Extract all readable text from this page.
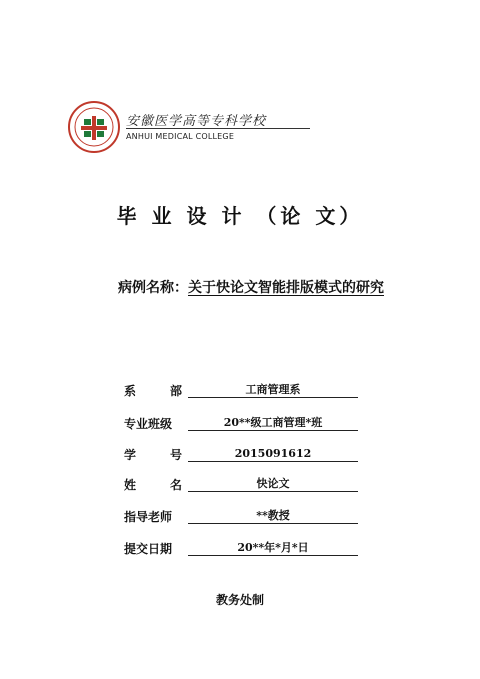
安徽医学高等专科学校
ANHUI MEDICAL COLLEGE
毕 业 设 计 （论 文）
病例名称：关于快论文智能排版模式的研究
系	部	工商管理系
专业班级	20**级工商管理*班
学	号	2015091612
姓	名	快论文
指导老师	**教授
提交日期	20**年*月*日
教务处制
